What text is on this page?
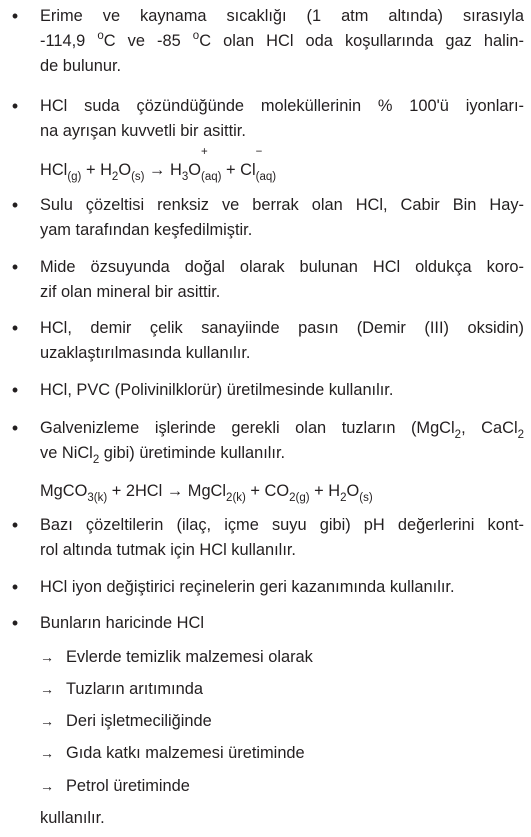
• Erime ve kaynama sıcaklığı (1 atm altında) sırasıyla
-114,9 $^o$C ve -85 $^o$C olan HCl oda koşullarında gaz halin-
de bulunur.
• HCl suda çözündüğünde moleküllerinin % 100'ü iyonları-
na ayrışan kuvvetli bir asittir.
$HCl_{(g)} + H_2O_{(s)} \to H_3O$
+
$_{(aq)}$ + Cl
−
$_{(aq)}$
• Sulu çözeltisi renksiz ve berrak olan HCl, Cabir Bin Hay-
yam tarafından keşfedilmiştir.
• Mide özsuyunda doğal olarak bulunan HCl oldukça koro-
zif olan mineral bir asittir.
• HCl, demir çelik sanayiinde pasın (Demir (III) oksidin)
uzaklaştırılmasında kullanılır.
• HCl, PVC (Polivinilklorür) üretilmesinde kullanılır.
• Galvenizleme işlerinde gerekli olan tuzların (MgCl$_2$, CaCl$_2$
ve NiCl$_2$ gibi) üretiminde kullanılır.
MgCO$_{3(k)}$ + 2HCl → MgCl$_{2(k)}$ + $CO_{2(g)} + H_2O_{(s)}$
• Bazı çözeltilerin (ilaç, içme suyu gibi) pH değerlerini kont-
rol altında tutmak için HCl kullanılır.
• HCl iyon değiştirici reçinelerin geri kazanımında kullanılır.
• Bunların haricinde HCl
→ Evlerde temizlik malzemesi olarak
→ Tuzların arıtımında
→ Deri işletmeciliğinde
→ Gıda katkı malzemesi üretiminde
→ Petrol üretiminde
kullanılır.
